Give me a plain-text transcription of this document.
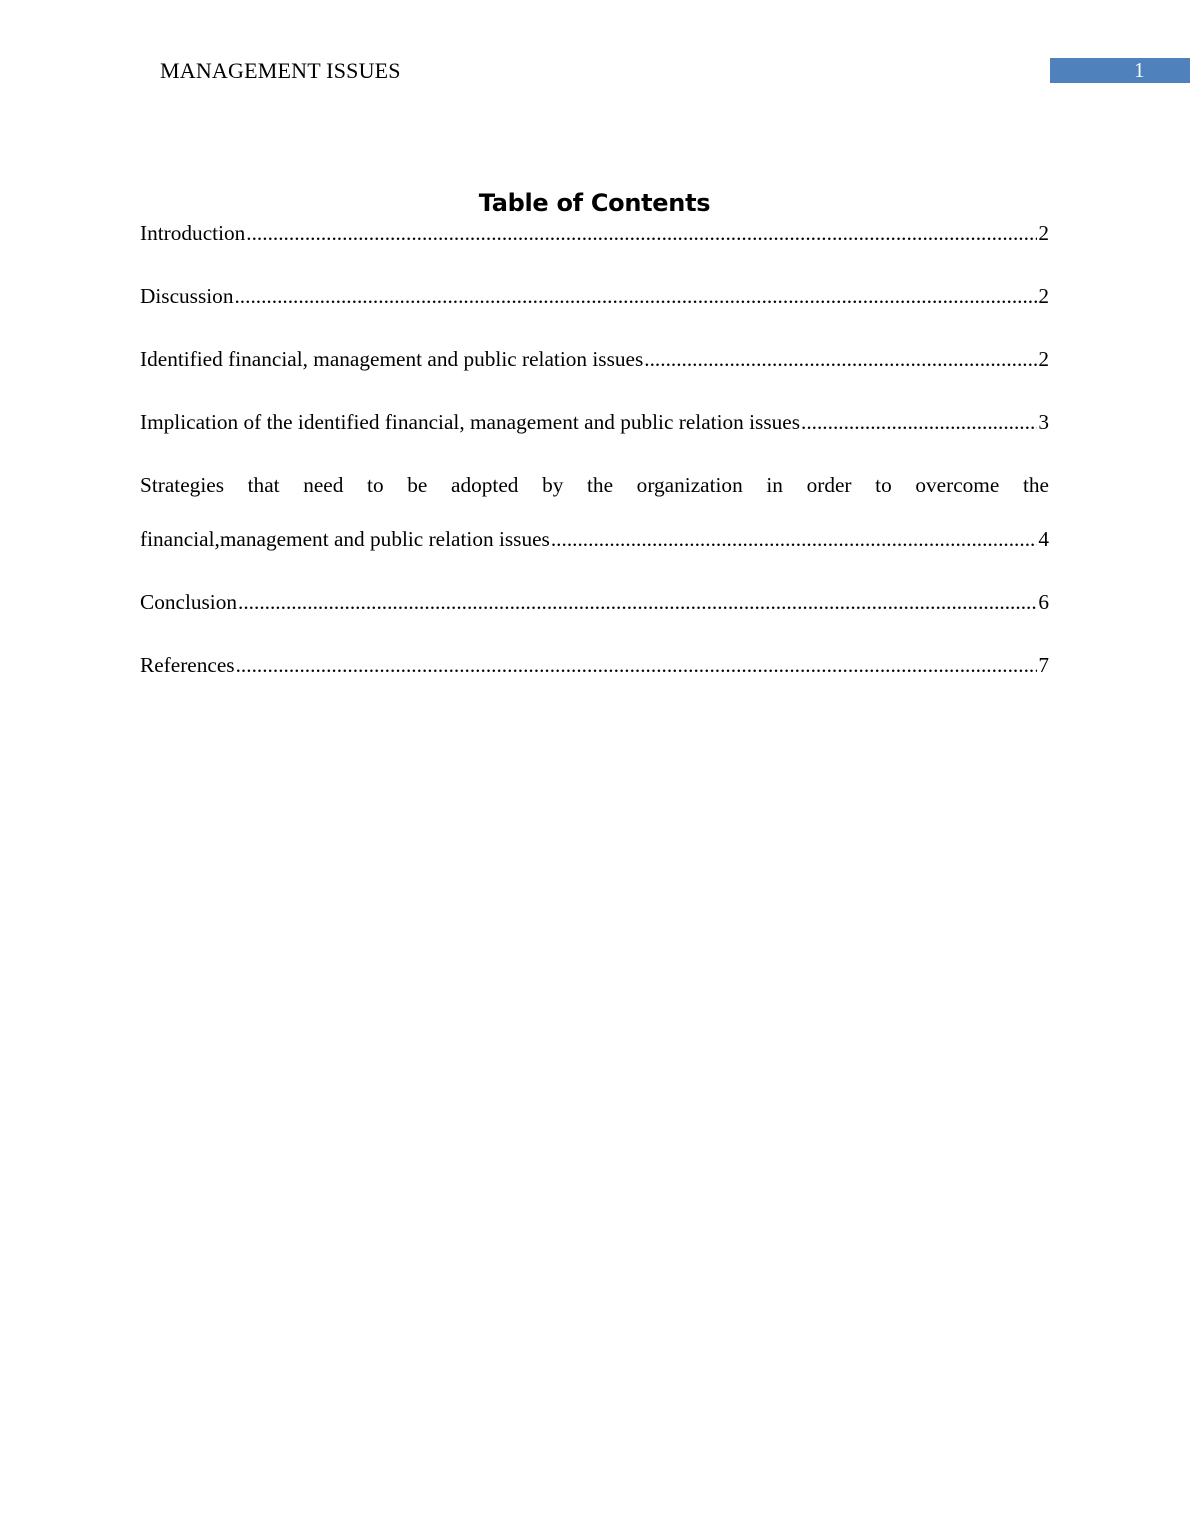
MANAGEMENT ISSUES	1
Table of Contents
Introduction .....	2
Discussion .....	2
Identified financial, management and public relation issues .....	2
Implication of the identified financial, management and public relation issues .....	3
Strategies that need to be adopted by the organization in order to overcome the
financial,management and public relation issues .....	4
Conclusion .....	6
References .....	7
